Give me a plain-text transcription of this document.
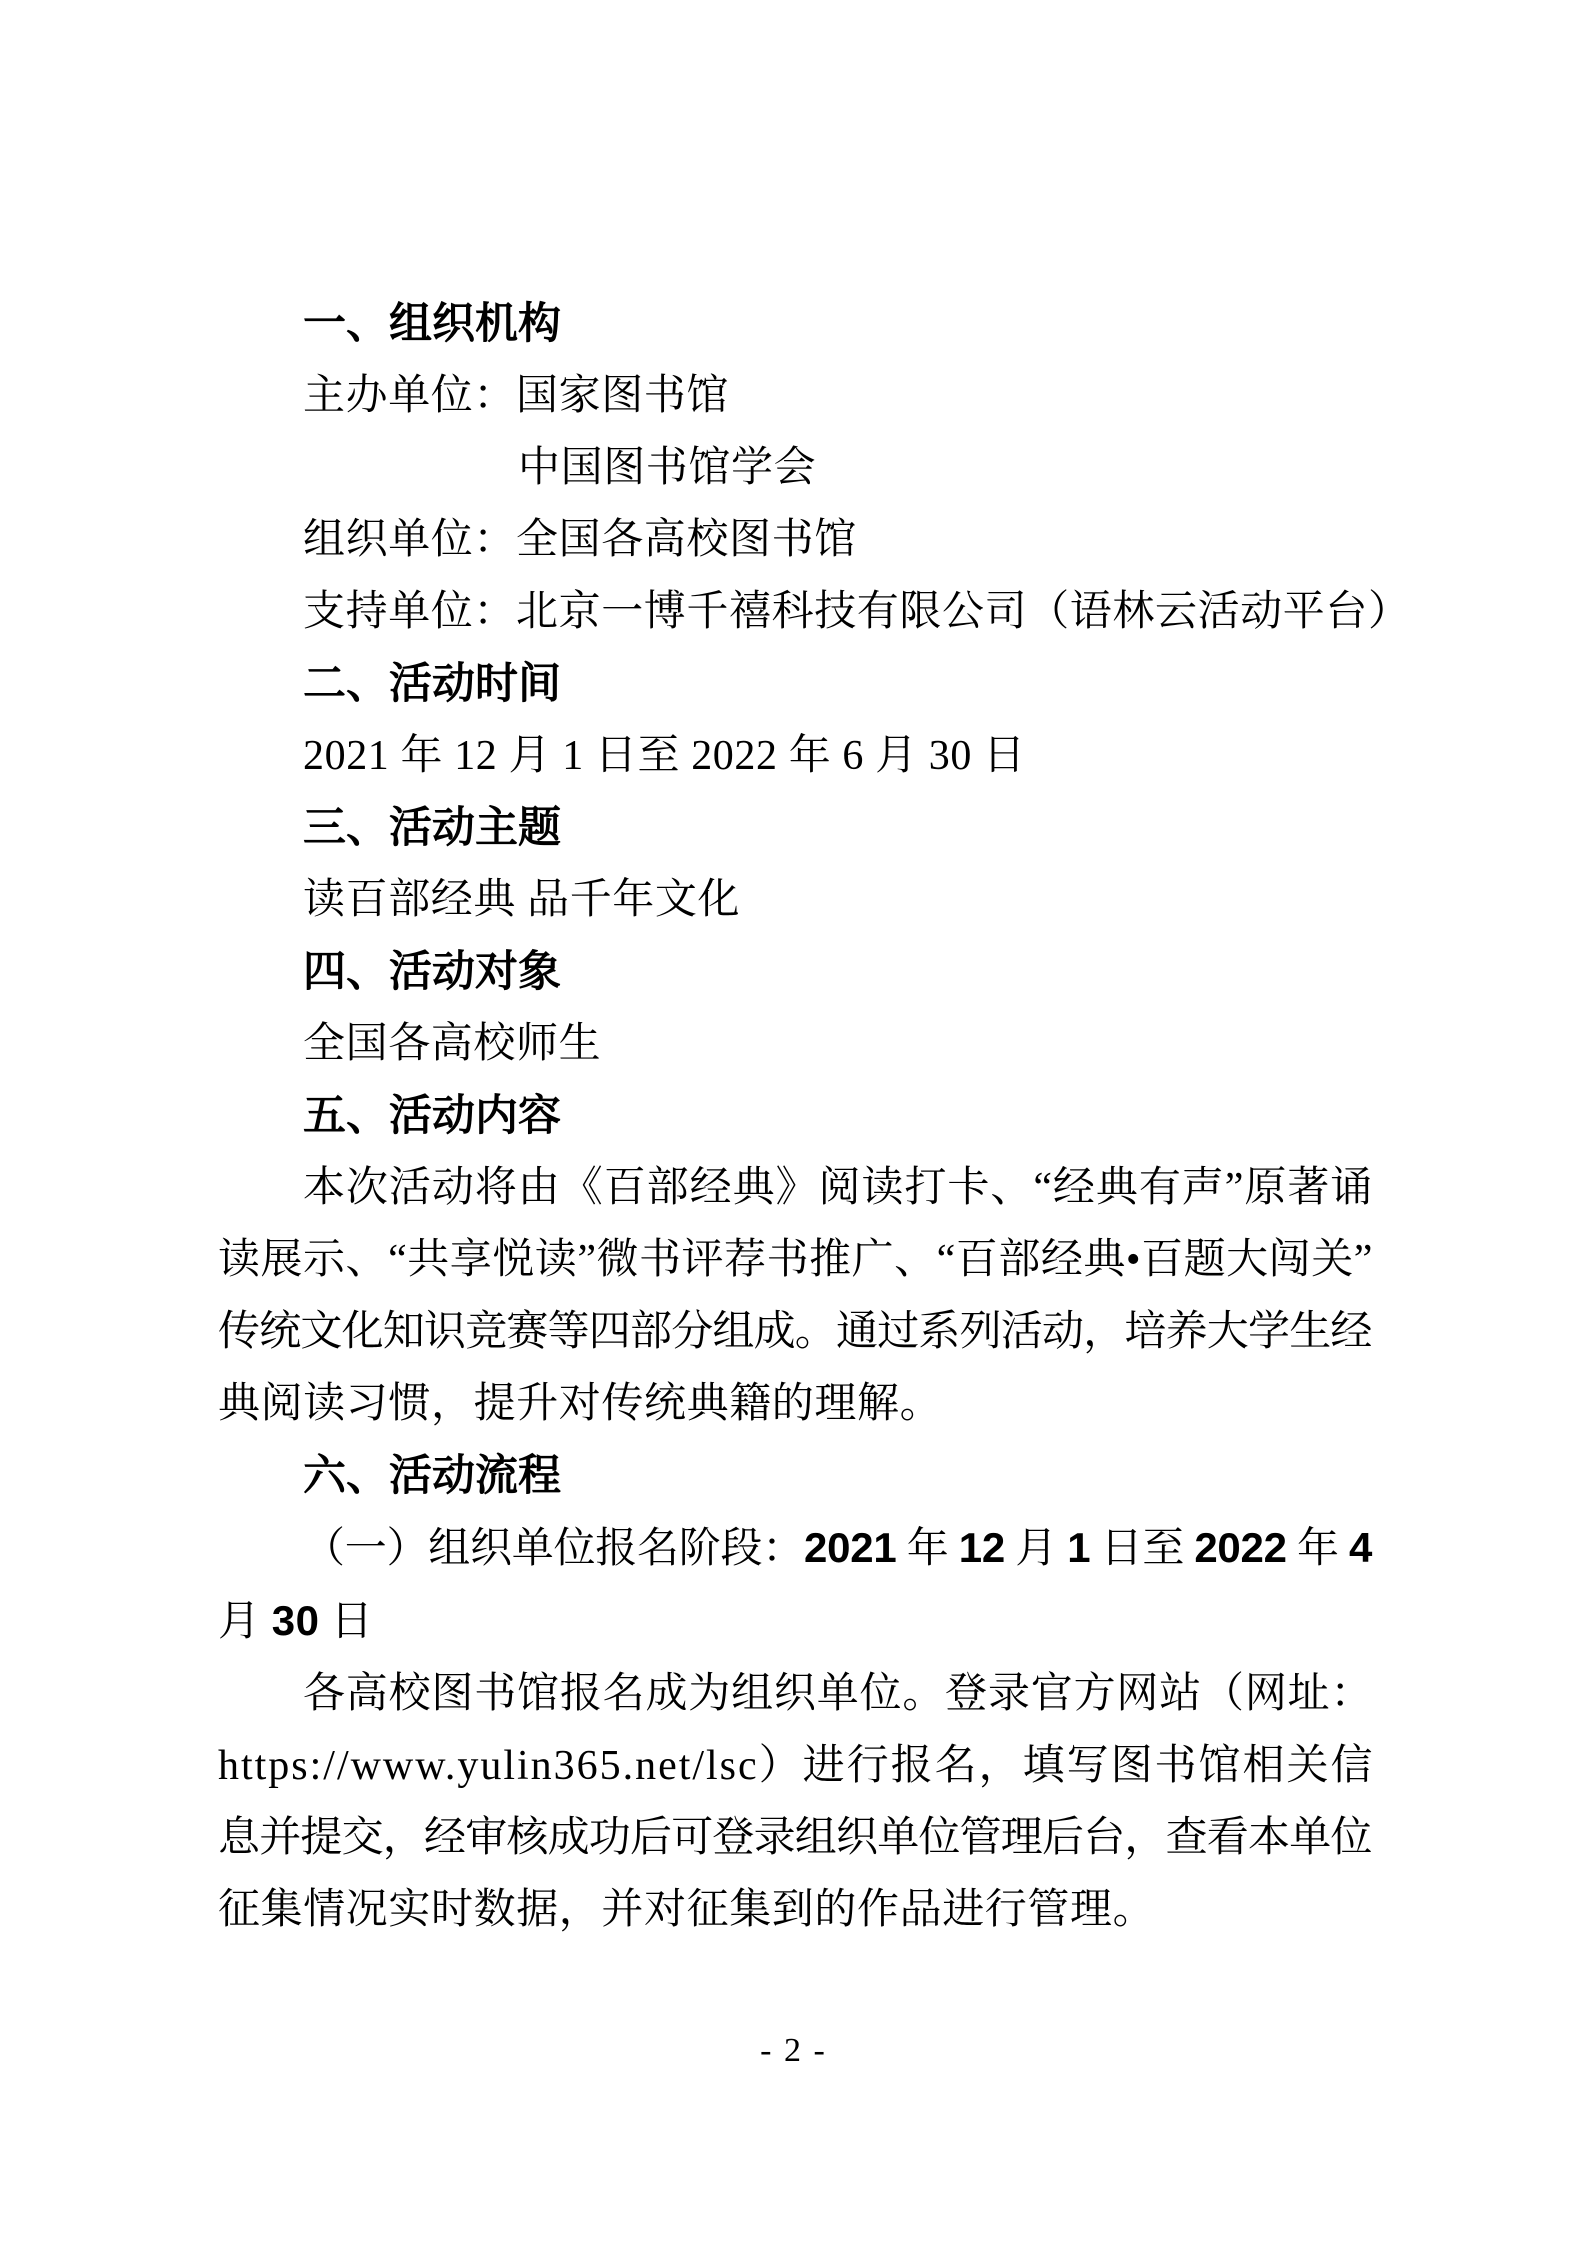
一、组织机构
主办单位：国家图书馆
中国图书馆学会
组织单位：全国各高校图书馆
支持单位：北京一博千禧科技有限公司（语林云活动平台）
二、活动时间
2021 年 12 月 1 日至 2022 年 6 月 30 日
三、活动主题
读百部经典 品千年文化
四、活动对象
全国各高校师生
五、活动内容
本次活动将由《百部经典》阅读打卡、“经典有声”原著诵
读展示、“共享悦读”微书评荐书推广、“百部经典•百题大闯关”
传统文化知识竞赛等四部分组成。通过系列活动，培养大学生经
典阅读习惯，提升对传统典籍的理解。
六、活动流程
（一）组织单位报名阶段：2021 年 12 月 1 日至 2022 年 4
月 30 日
各高校图书馆报名成为组织单位。登录官方网站（网址：
https://www.yulin365.net/lsc）进行报名，填写图书馆相关信
息并提交，经审核成功后可登录组织单位管理后台，查看本单位
征集情况实时数据，并对征集到的作品进行管理。
- 2 -
